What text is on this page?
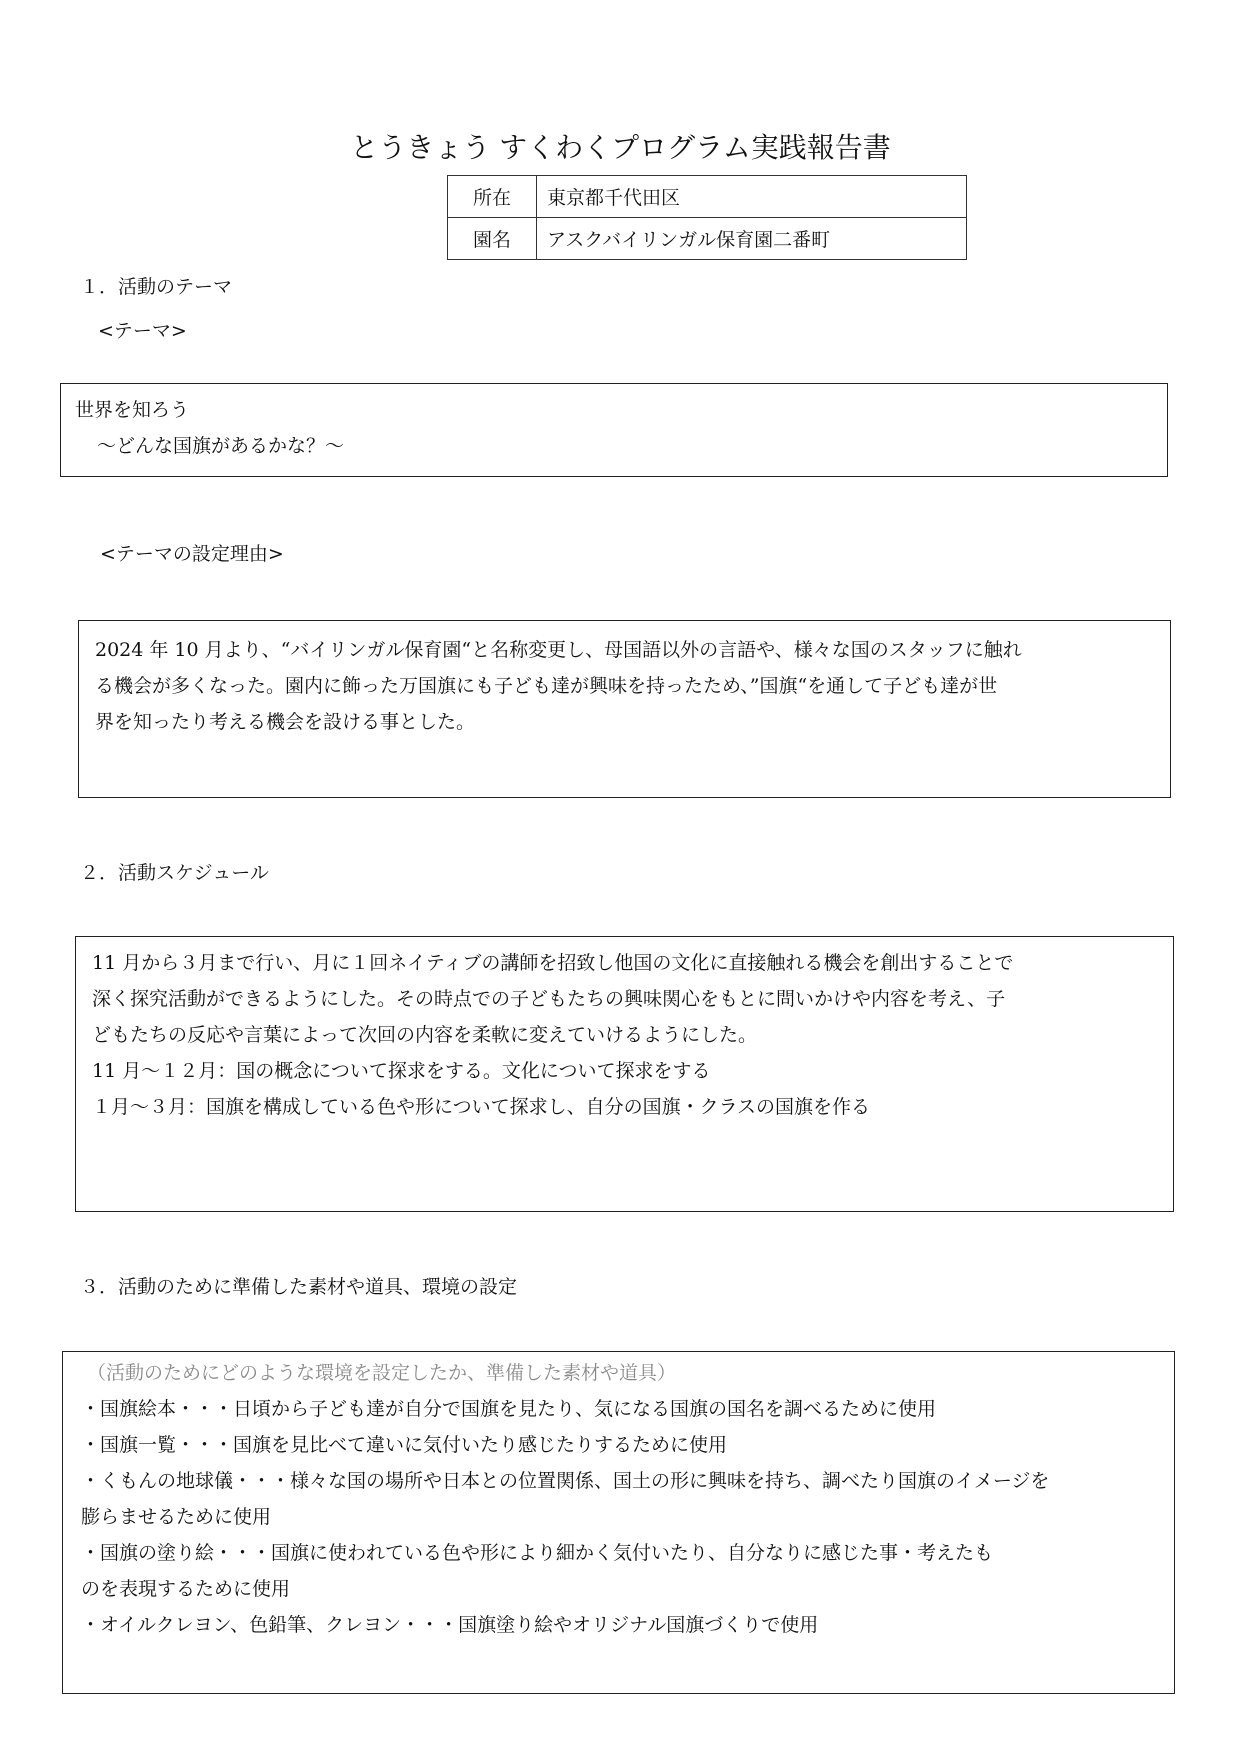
とうきょう すくわくプログラム実践報告書
所在	東京都千代田区
園名	アスクバイリンガル保育園二番町
１．活動のテーマ
<テーマ>
世界を知ろう
～どんな国旗があるかな？～
<テーマの設定理由>

2024 年 10 月より、“バイリンガル保育園“と名称変更し、母国語以外の言語や、様々な国のスタッフに触れ

る機会が多くなった。園内に飾った万国旗にも子ども達が興味を持ったため、”国旗“を通して子ども達が世

界を知ったり考える機会を設ける事とした。

２．活動スケジュール

11 月から３月まで行い、月に１回ネイティブの講師を招致し他国の文化に直接触れる機会を創出することで

深く探究活動ができるようにした。その時点での子どもたちの興味関心をもとに問いかけや内容を考え、子

どもたちの反応や言葉によって次回の内容を柔軟に変えていけるようにした。

11 月～１２月：国の概念について探求をする。文化について探求をする

１月～３月：国旗を構成している色や形について探求し、自分の国旗・クラスの国旗を作る

３．活動のために準備した素材や道具、環境の設定

（活動のためにどのような環境を設定したか、準備した素材や道具）

・国旗絵本・・・日頃から子ども達が自分で国旗を見たり、気になる国旗の国名を調べるために使用

・国旗一覧・・・国旗を見比べて違いに気付いたり感じたりするために使用

・くもんの地球儀・・・様々な国の場所や日本との位置関係、国土の形に興味を持ち、調べたり国旗のイメージを

膨らませるために使用

・国旗の塗り絵・・・国旗に使われている色や形により細かく気付いたり、自分なりに感じた事・考えたも

のを表現するために使用

・オイルクレヨン、色鉛筆、クレヨン・・・国旗塗り絵やオリジナル国旗づくりで使用
